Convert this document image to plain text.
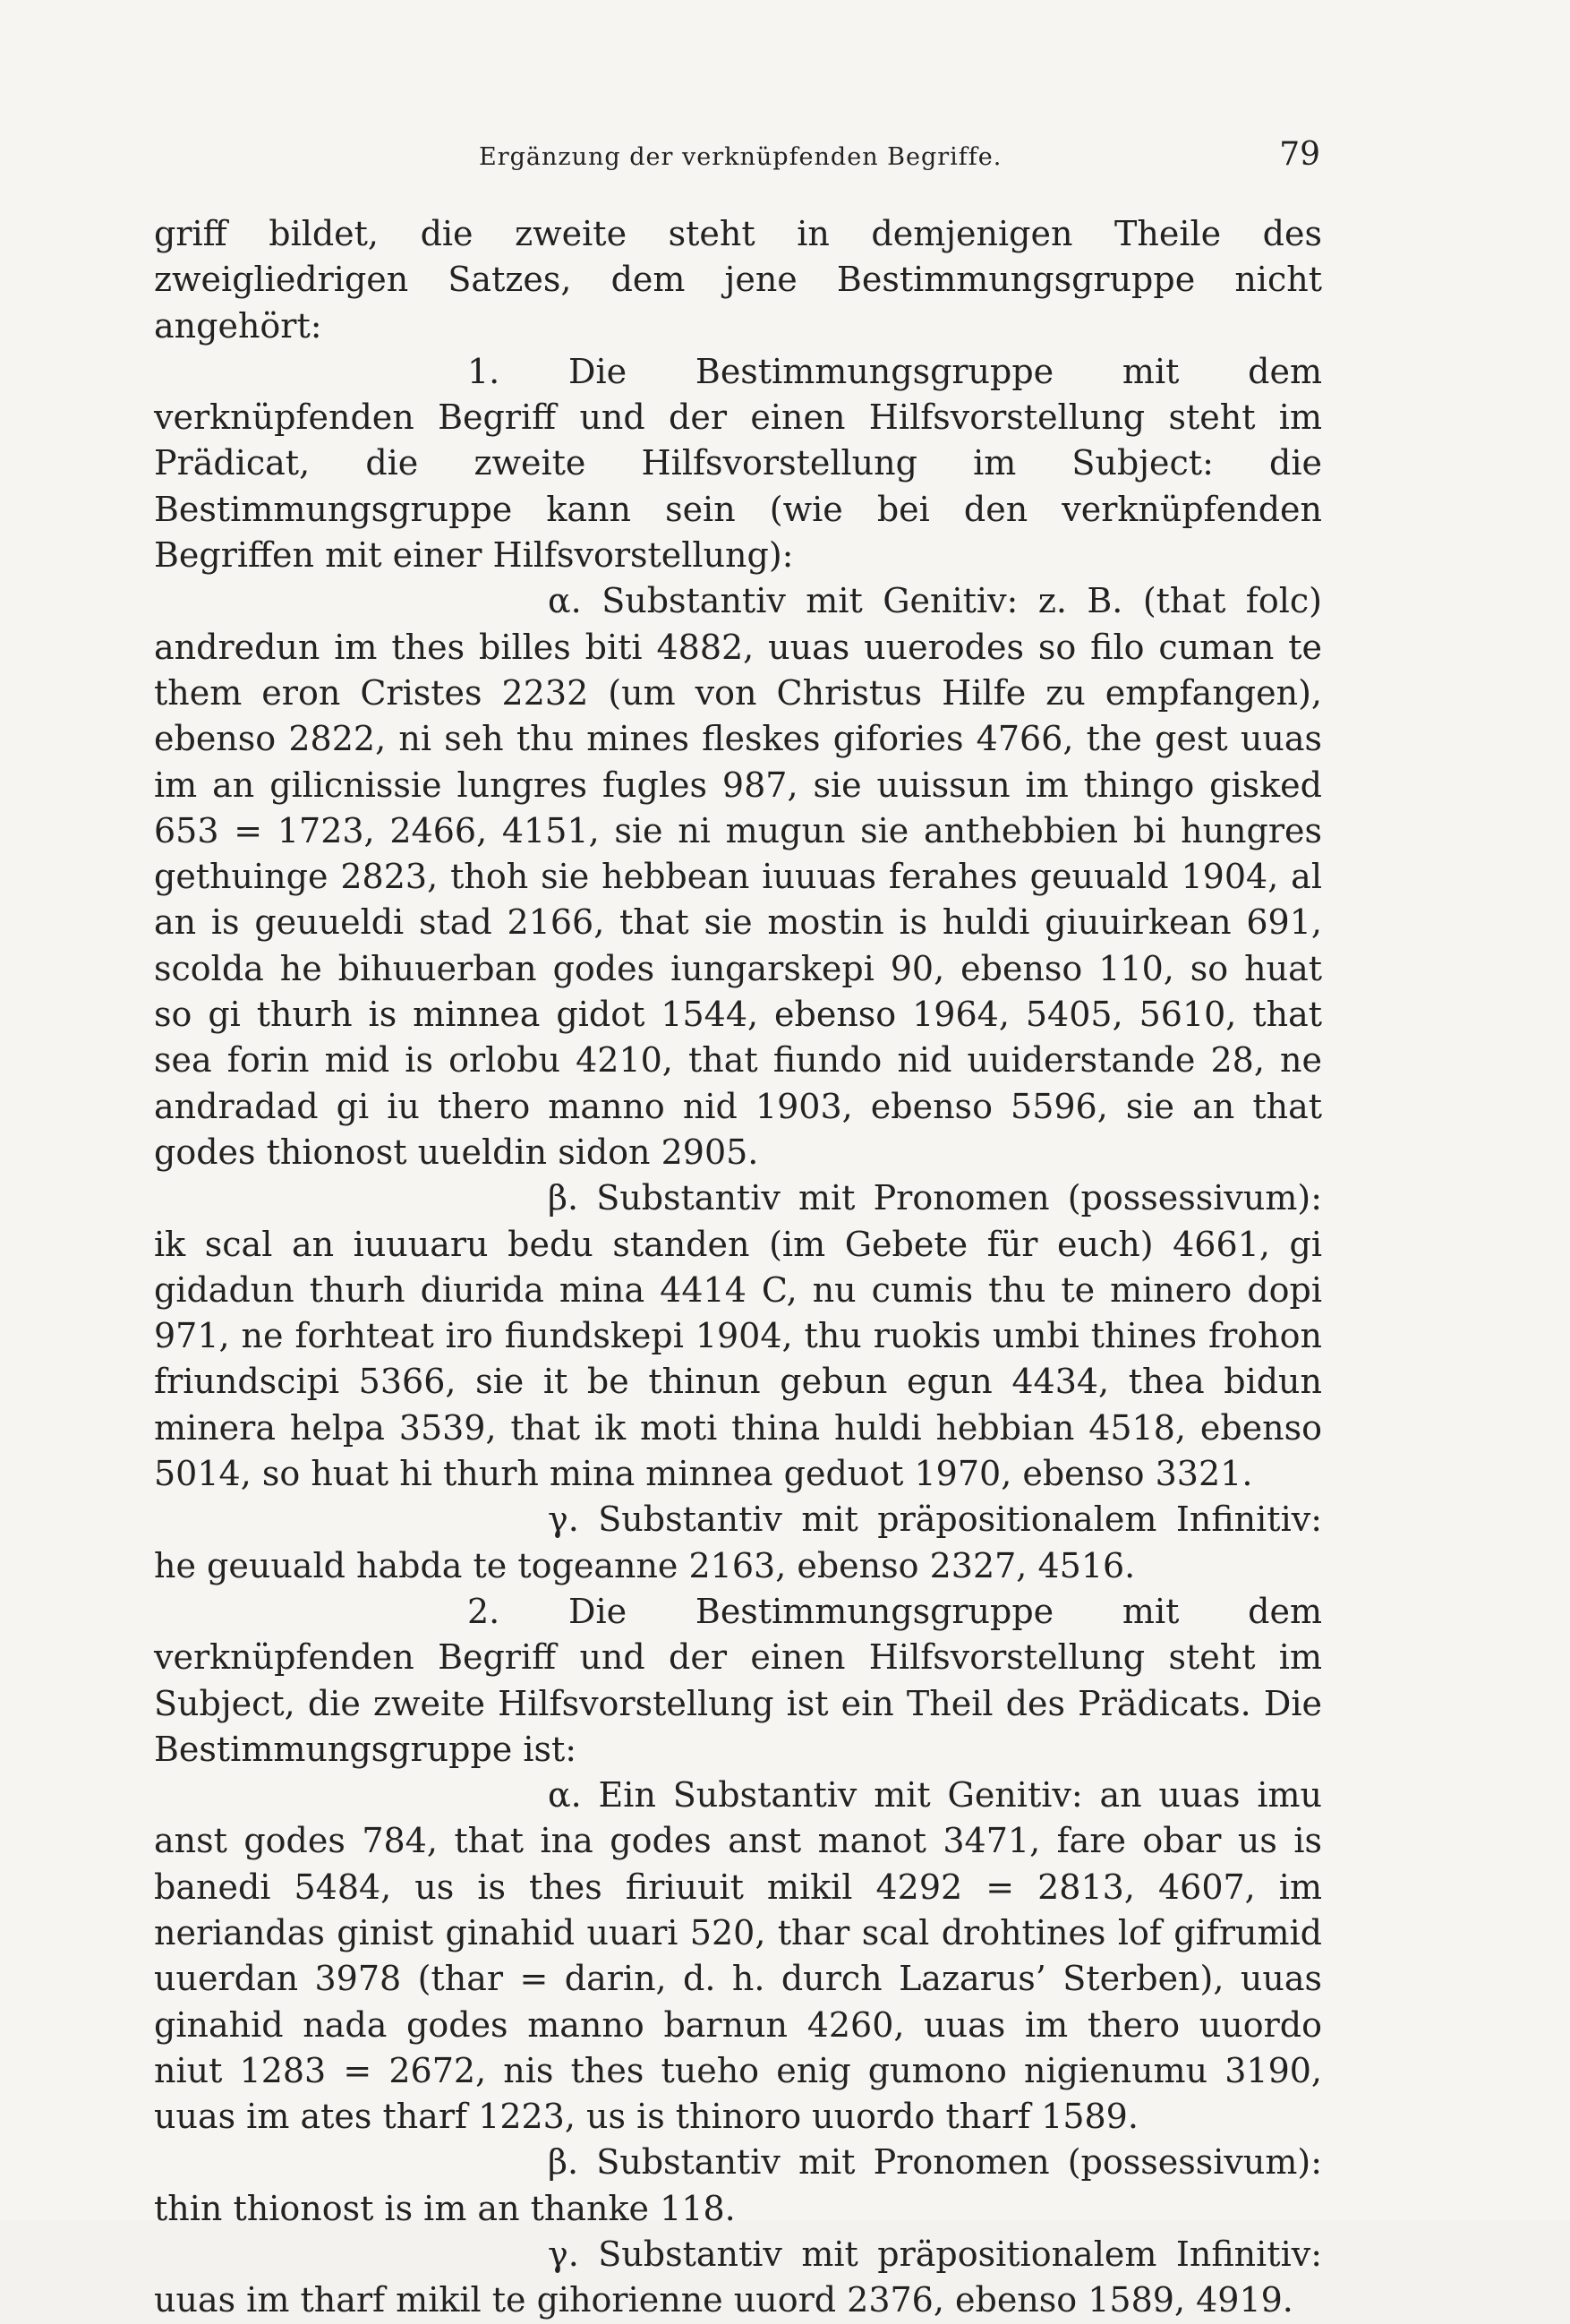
Ergänzung der verknüpfenden Begriffe.	79

griff bildet, die zweite steht in demjenigen Theile des zweigliedrigen Satzes, dem jene Bestimmungsgruppe nicht angehört:

1. Die Bestimmungsgruppe mit dem verknüpfenden Begriff und der einen Hilfsvorstellung steht im Prädicat, die zweite Hilfsvorstellung im Subject: die Bestimmungsgruppe kann sein (wie bei den verknüpfenden Begriffen mit einer Hilfsvorstellung):

α. Substantiv mit Genitiv: z. B. (that folc) andredun im thes billes biti 4882, uuas uuerodes so filo cuman te them eron Cristes 2232 (um von Christus Hilfe zu empfangen), ebenso 2822, ni seh thu mines fleskes gifories 4766, the gest uuas im an gilicnissie lungres fugles 987, sie uuissun im thingo gisked 653 = 1723, 2466, 4151, sie ni mugun sie anthebbien bi hungres gethuinge 2823, thoh sie hebbean iuuuas ferahes geuuald 1904, al an is geuueldi stad 2166, that sie mostin is huldi giuuirkean 691, scolda he bihuuerban godes iungarskepi 90, ebenso 110, so huat so gi thurh is minnea gidot 1544, ebenso 1964, 5405, 5610, that sea forin mid is orlobu 4210, that fiundo nid uuiderstande 28, ne andradad gi iu thero manno nid 1903, ebenso 5596, sie an that godes thionost uueldin sidon 2905.

β. Substantiv mit Pronomen (possessivum): ik scal an iuuuaru bedu standen (im Gebete für euch) 4661, gi gidadun thurh diurida mina 4414 C, nu cumis thu te minero dopi 971, ne forhteat iro fiundskepi 1904, thu ruokis umbi thines frohon friundscipi 5366, sie it be thinun gebun egun 4434, thea bidun minera helpa 3539, that ik moti thina huldi hebbian 4518, ebenso 5014, so huat hi thurh mina minnea geduot 1970, ebenso 3321.

γ. Substantiv mit präpositionalem Infinitiv: he geuuald habda te togeanne 2163, ebenso 2327, 4516.

2. Die Bestimmungsgruppe mit dem verknüpfenden Begriff und der einen Hilfsvorstellung steht im Subject, die zweite Hilfsvorstellung ist ein Theil des Prädicats. Die Bestimmungsgruppe ist:

α. Ein Substantiv mit Genitiv: an uuas imu anst godes 784, that ina godes anst manot 3471, fare obar us is banedi 5484, us is thes firiuuit mikil 4292 = 2813, 4607, im neriandas ginist ginahid uuari 520, thar scal drohtines lof gifrumid uuerdan 3978 (thar = darin, d. h. durch Lazarus’ Sterben), uuas ginahid nada godes manno barnun 4260, uuas im thero uuordo niut 1283 = 2672, nis thes tueho enig gumono nigienumu 3190, uuas im ates tharf 1223, us is thinoro uuordo tharf 1589.

β. Substantiv mit Pronomen (possessivum): thin thionost is im an thanke 118.

γ. Substantiv mit präpositionalem Infinitiv: uuas im tharf mikil te gihorienne uuord 2376, ebenso 1589, 4919.
